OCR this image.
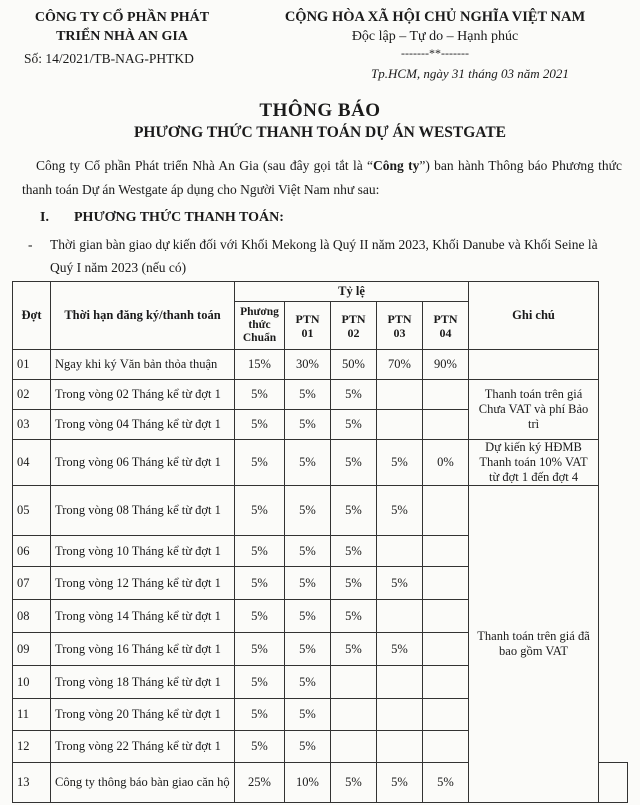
CÔNG TY CỔ PHẦN PHÁT
TRIỂN NHÀ AN GIA
Số: 14/2021/TB-NAG-PHTKD
CỘNG HÒA XÃ HỘI CHỦ NGHĨA VIỆT NAM
Độc lập – Tự do – Hạnh phúc
-------**-------
Tp.HCM, ngày 31 tháng 03 năm 2021
THÔNG BÁO
PHƯƠNG THỨC THANH TOÁN DỰ ÁN WESTGATE
Công ty Cổ phần Phát triển Nhà An Gia (sau đây gọi tắt là “Công ty”) ban hành Thông báo Phương thức thanh toán Dự án Westgate áp dụng cho Người Việt Nam như sau:
I. PHƯƠNG THỨC THANH TOÁN:
-	Thời gian bàn giao dự kiến đối với Khối Mekong là Quý II năm 2023, Khối Danube và Khối Seine là Quý I năm 2023 (nếu có)
Đợt	Thời hạn đăng ký/thanh toán	Tỷ lệ					Ghi chú	
		Phương thức Chuẩn	PTN 01	PTN 02	PTN 03	PTN 04		
01	Ngay khi ký Văn bản thỏa thuận	15%	30%	50%	70%	90%		
02	Trong vòng 02 Tháng kể từ đợt 1	5%	5%	5%			Thanh toán trên giá Chưa VAT và phí Bảo trì	
03	Trong vòng 04 Tháng kể từ đợt 1	5%	5%	5%				
04	Trong vòng 06 Tháng kể từ đợt 1	5%	5%	5%	5%	0%	Dự kiến ký HĐMB Thanh toán 10% VAT từ đợt 1 đến đợt 4	
05	Trong vòng 08 Tháng kể từ đợt 1	5%	5%	5%	5%		Thanh toán trên giá đã bao gồm VAT	
06	Trong vòng 10 Tháng kể từ đợt 1	5%	5%	5%				
07	Trong vòng 12 Tháng kể từ đợt 1	5%	5%	5%	5%			
08	Trong vòng 14 Tháng kể từ đợt 1	5%	5%	5%				
09	Trong vòng 16 Tháng kể từ đợt 1	5%	5%	5%	5%			
10	Trong vòng 18 Tháng kể từ đợt 1	5%	5%					
11	Trong vòng 20 Tháng kể từ đợt 1	5%	5%					
12	Trong vòng 22 Tháng kể từ đợt 1	5%	5%					
13	Công ty thông báo bàn giao căn hộ	25%	10%	5%	5%	5%		
